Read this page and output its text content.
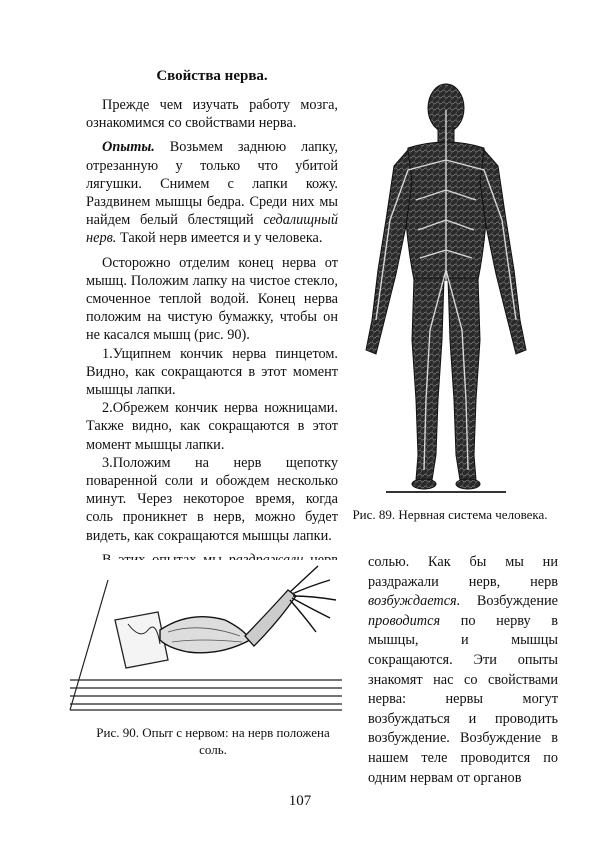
Свойства нерва.

Прежде чем изучать работу мозга, ознакомимся со свойствами нерва.

Опыты. Возьмем заднюю лапку, отрезанную у только что убитой лягушки. Снимем с лапки кожу. Раздвинем мышцы бедра. Среди них мы найдем белый блестящий седалищный нерв. Такой нерв имеется и у человека.

Осторожно отделим конец нерва от мышц. Положим лапку на чистое стекло, смоченное теплой водой. Конец нерва положим на чистую бумажку, чтобы он не касался мышц (рис. 90).

1.Ущипнем кончик нерва пинцетом. Видно, как сокращаются в этот момент мышцы лапки.

2.Обрежем кончик нерва ножницами. Также видно, как сокращаются в этот момент мышцы лапки.

3.Положим на нерв щепотку поваренной соли и обождем несколько минут. Через некоторое время, когда соль проникнет в нерв, можно будет видеть, как сокращаются мышцы лапки.

солью. Как бы мы ни раздражали нерв, нерв возбуждается. Возбуждение проводится по нерву в мышцы, и мышцы сокращаются. Эти опыты знакомят нас со свойствами нерва: нервы могут возбуждаться и проводить возбуждение. Возбуждение в нашем теле проводится по одним нервам от органов

Рис. 89. Нервная система человека.
Рис. 90. Опыт с нервом: на нерв положена соль.
107
